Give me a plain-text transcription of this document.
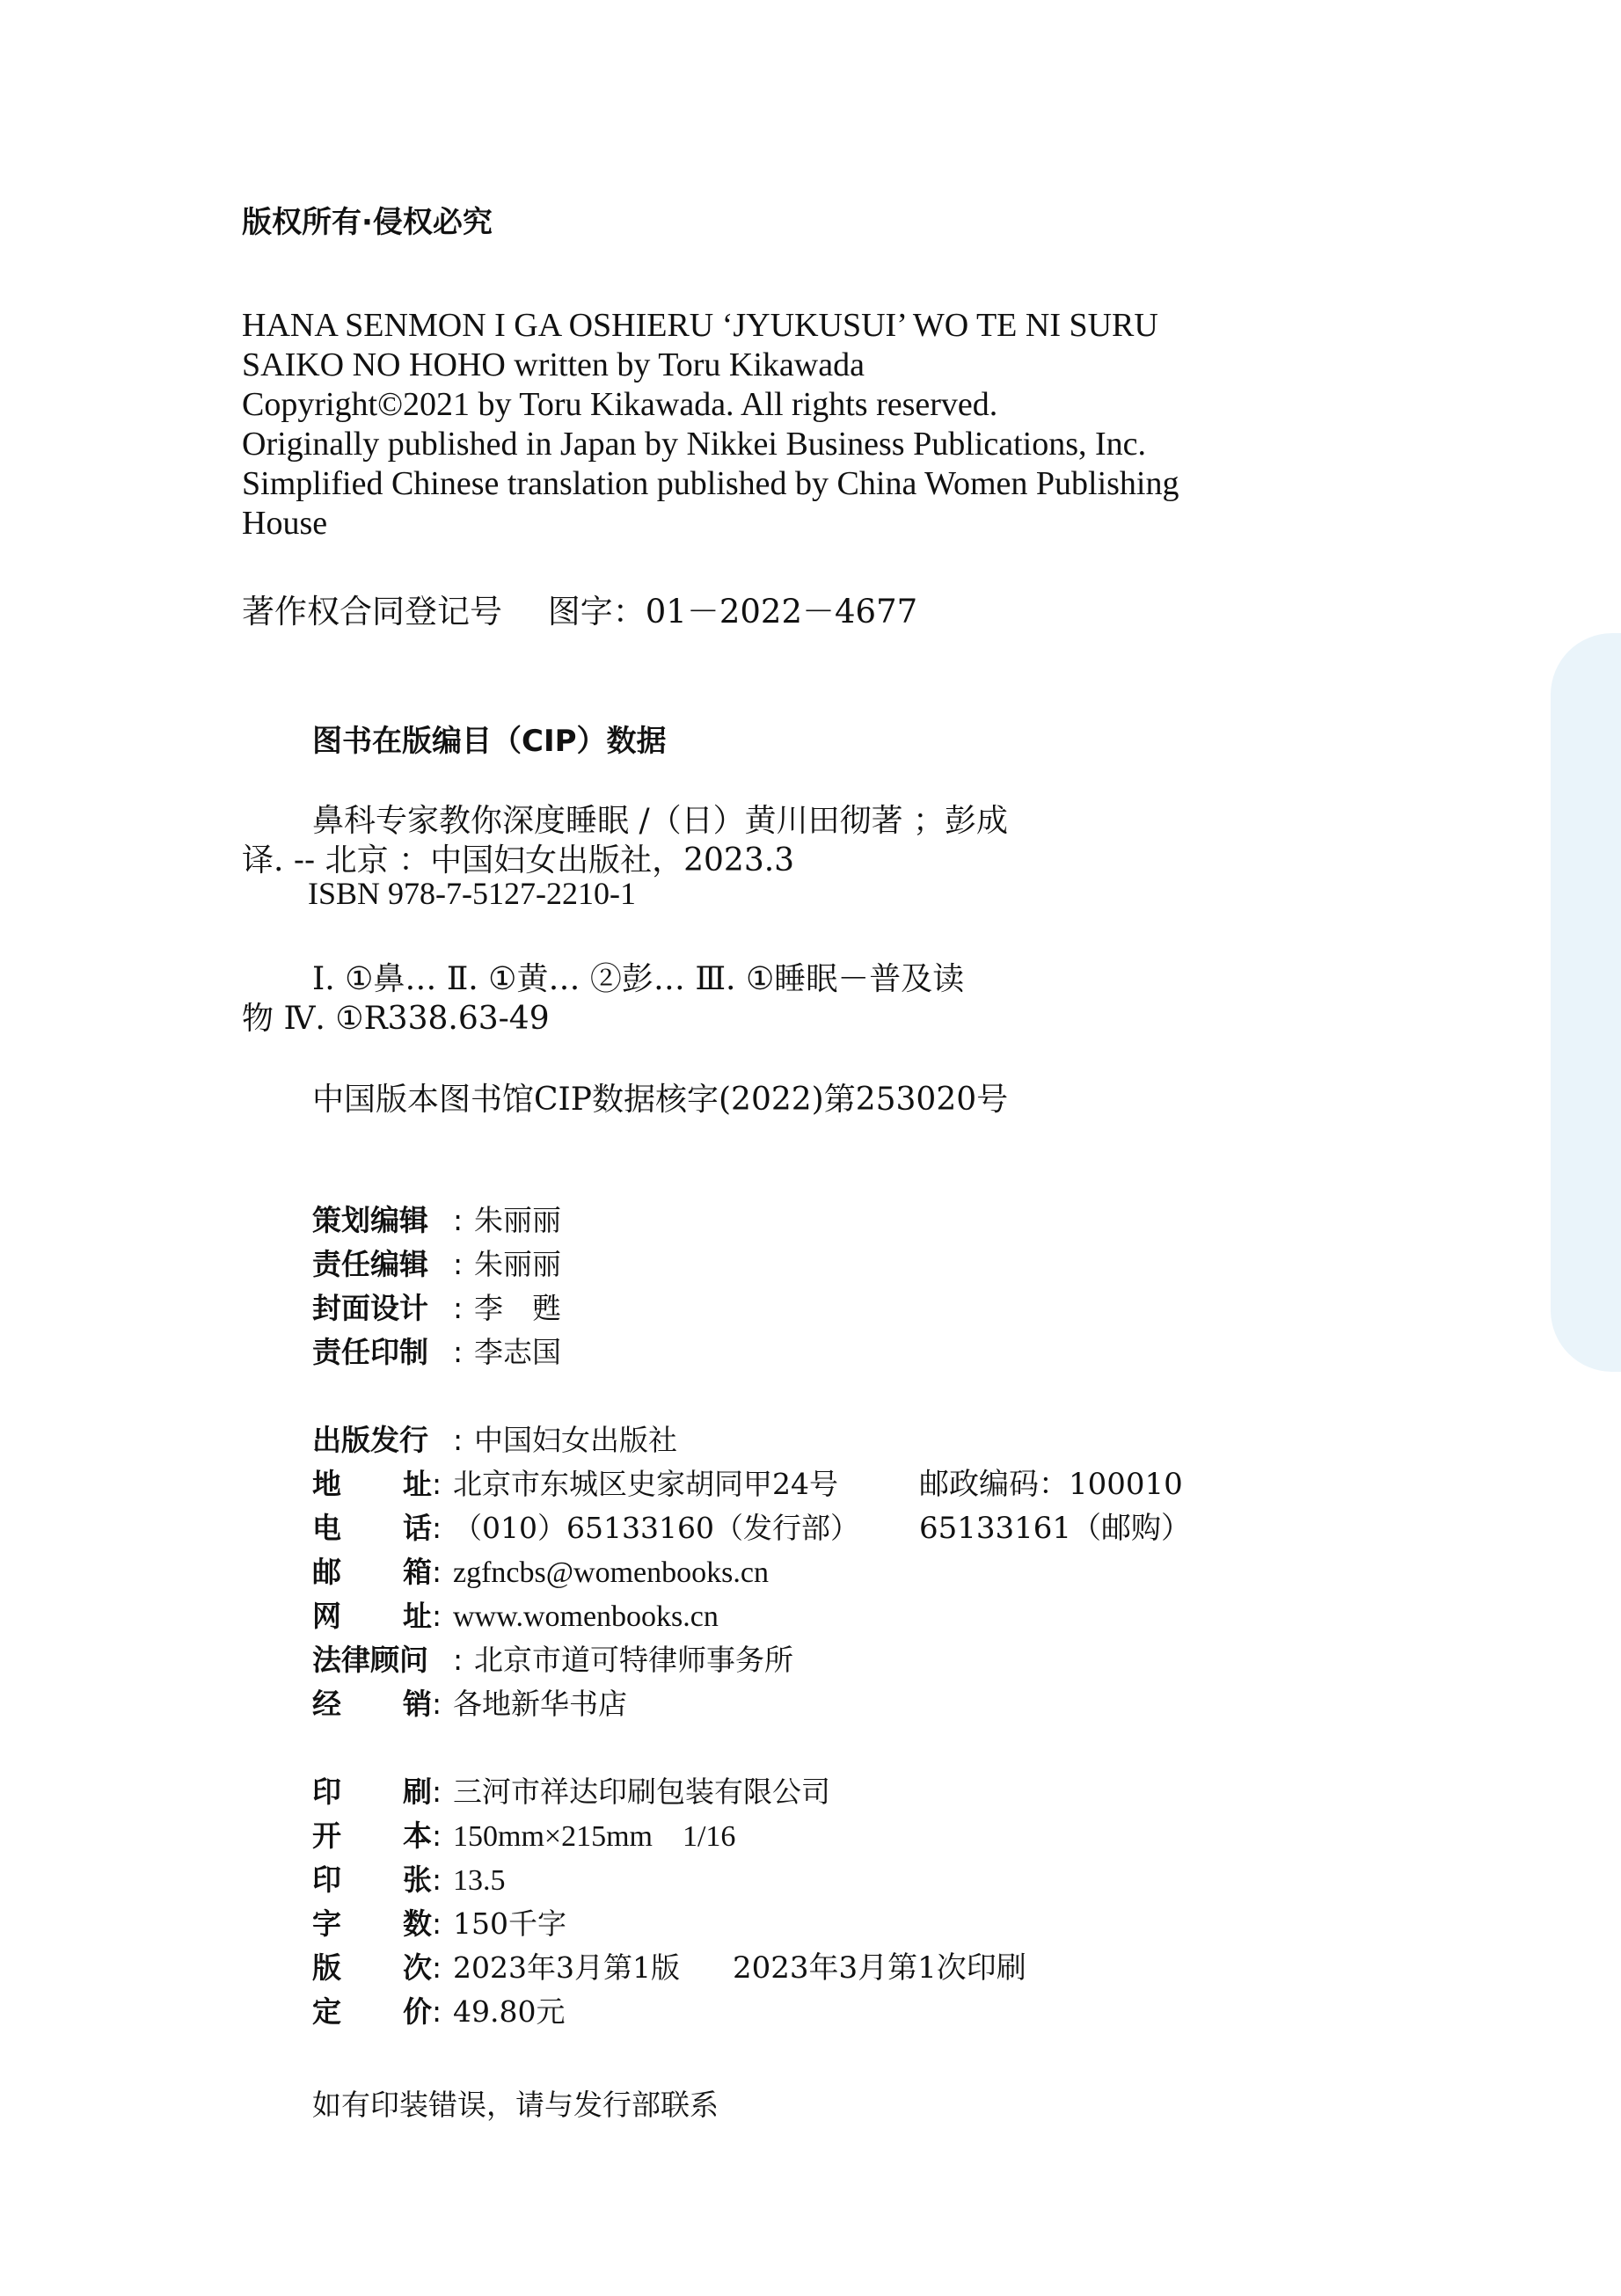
版权所有·侵权必究
HANA SENMON I GA OSHIERU ‘JYUKUSUI’ WO TE NI SURU
SAIKO NO HOHO written by Toru Kikawada
Copyright©2021 by Toru Kikawada. All rights reserved.
Originally published in Japan by Nikkei Business Publications, Inc.
Simplified Chinese translation published by China Women Publishing
House
著作权合同登记号 图字：01－2022－4677
图书在版编目（CIP）数据
鼻科专家教你深度睡眠 /（日）黄川田彻著 ；彭成
译. -- 北京 ：中国妇女出版社，2023.3
ISBN 978-7-5127-2210-1
Ⅰ. ①鼻… Ⅱ. ①黄… ②彭… Ⅲ. ①睡眠－普及读
物 Ⅳ. ①R338.63-49
中国版本图书馆CIP数据核字(2022)第253020号
策划编辑 : 朱丽丽
责任编辑 : 朱丽丽
封面设计 : 李　甦
责任印制 : 李志国
出版发行 : 中国妇女出版社
地 址 : 北京市东城区史家胡同甲24号	邮政编码：100010
电 话 : （010）65133160（发行部）	65133161（邮购）
邮 箱 : zgfncbs@womenbooks.cn
网 址 : www.womenbooks.cn
法律顾问 : 北京市道可特律师事务所
经 销 : 各地新华书店
印 刷 : 三河市祥达印刷包装有限公司
开 本 : 150mm×215mm　1/16
印 张 : 13.5
字 数 : 150千字
版 次 : 2023年3月第1版	2023年3月第1次印刷
定 价 : 49.80元
如有印装错误，请与发行部联系
